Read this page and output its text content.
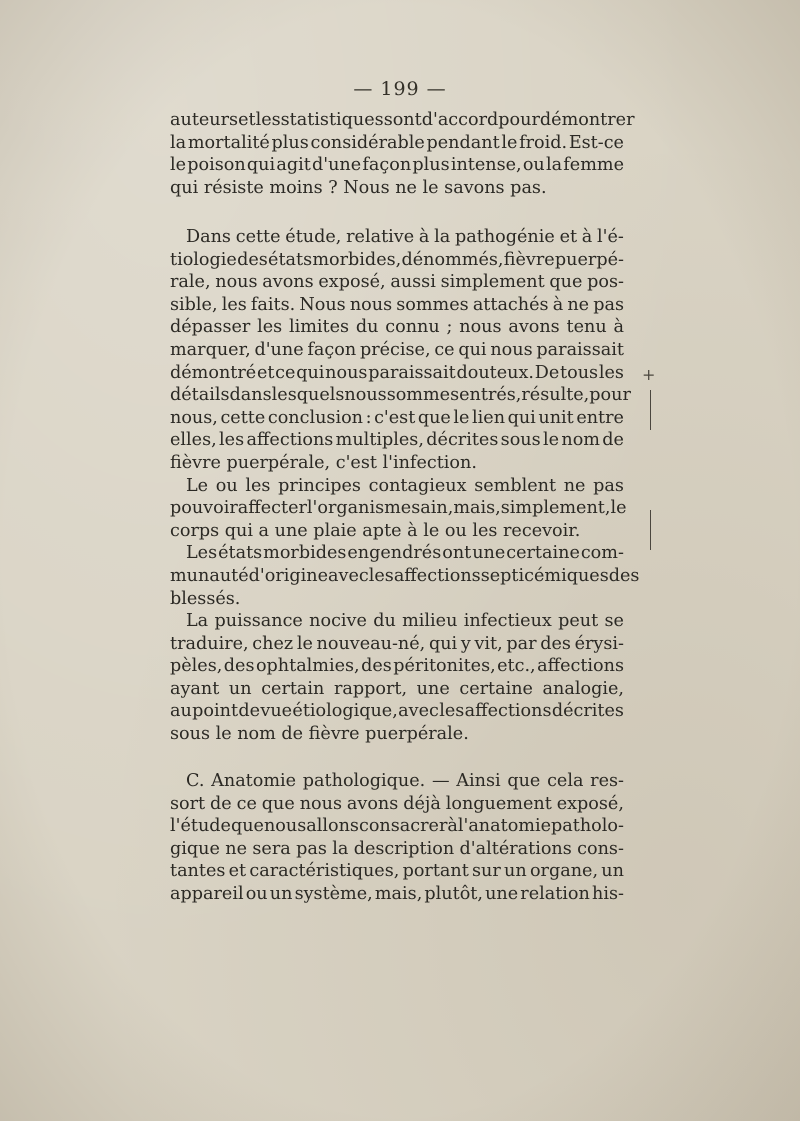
— 199 —
auteurs et les statistiques sont d'accord pour démontrer
la mortalité plus considérable pendant le froid. Est-ce
le poison qui agit d'une façon plus intense, ou la femme
qui résiste moins ? Nous ne le savons pas.
Dans cette étude, relative à la pathogénie et à l'é-
tiologie des états morbides, dénommés, fièvre puerpé-
rale, nous avons exposé, aussi simplement que pos-
sible, les faits. Nous nous sommes attachés à ne pas
dépasser les limites du connu ; nous avons tenu à
marquer, d'une façon précise, ce qui nous paraissait
démontré et ce qui nous paraissait douteux. De tous les
détails dans lesquels nous sommes entrés, résulte, pour
nous, cette conclusion : c'est que le lien qui unit entre
elles, les affections multiples, décrites sous le nom de
fièvre puerpérale, c'est l'infection.
Le ou les principes contagieux semblent ne pas
pouvoir affecter l'organisme sain, mais, simplement, le
corps qui a une plaie apte à le ou les recevoir.
Les états morbides engendrés ont une certaine com-
munauté d'origine avec les affections septicémiques des
blessés.
La puissance nocive du milieu infectieux peut se
traduire, chez le nouveau-né, qui y vit, par des érysi-
pèles, des ophtalmies, des péritonites, etc., affections
ayant un certain rapport, une certaine analogie,
au point de vue étiologique, avec les affections décrites
sous le nom de fièvre puerpérale.
C. Anatomie pathologique. — Ainsi que cela res-
sort de ce que nous avons déjà longuement exposé,
l'étude que nous allons consacrer à l'anatomie patholo-
gique ne sera pas la description d'altérations cons-
tantes et caractéristiques, portant sur un organe, un
appareil ou un système, mais, plutôt, une relation his-
+
